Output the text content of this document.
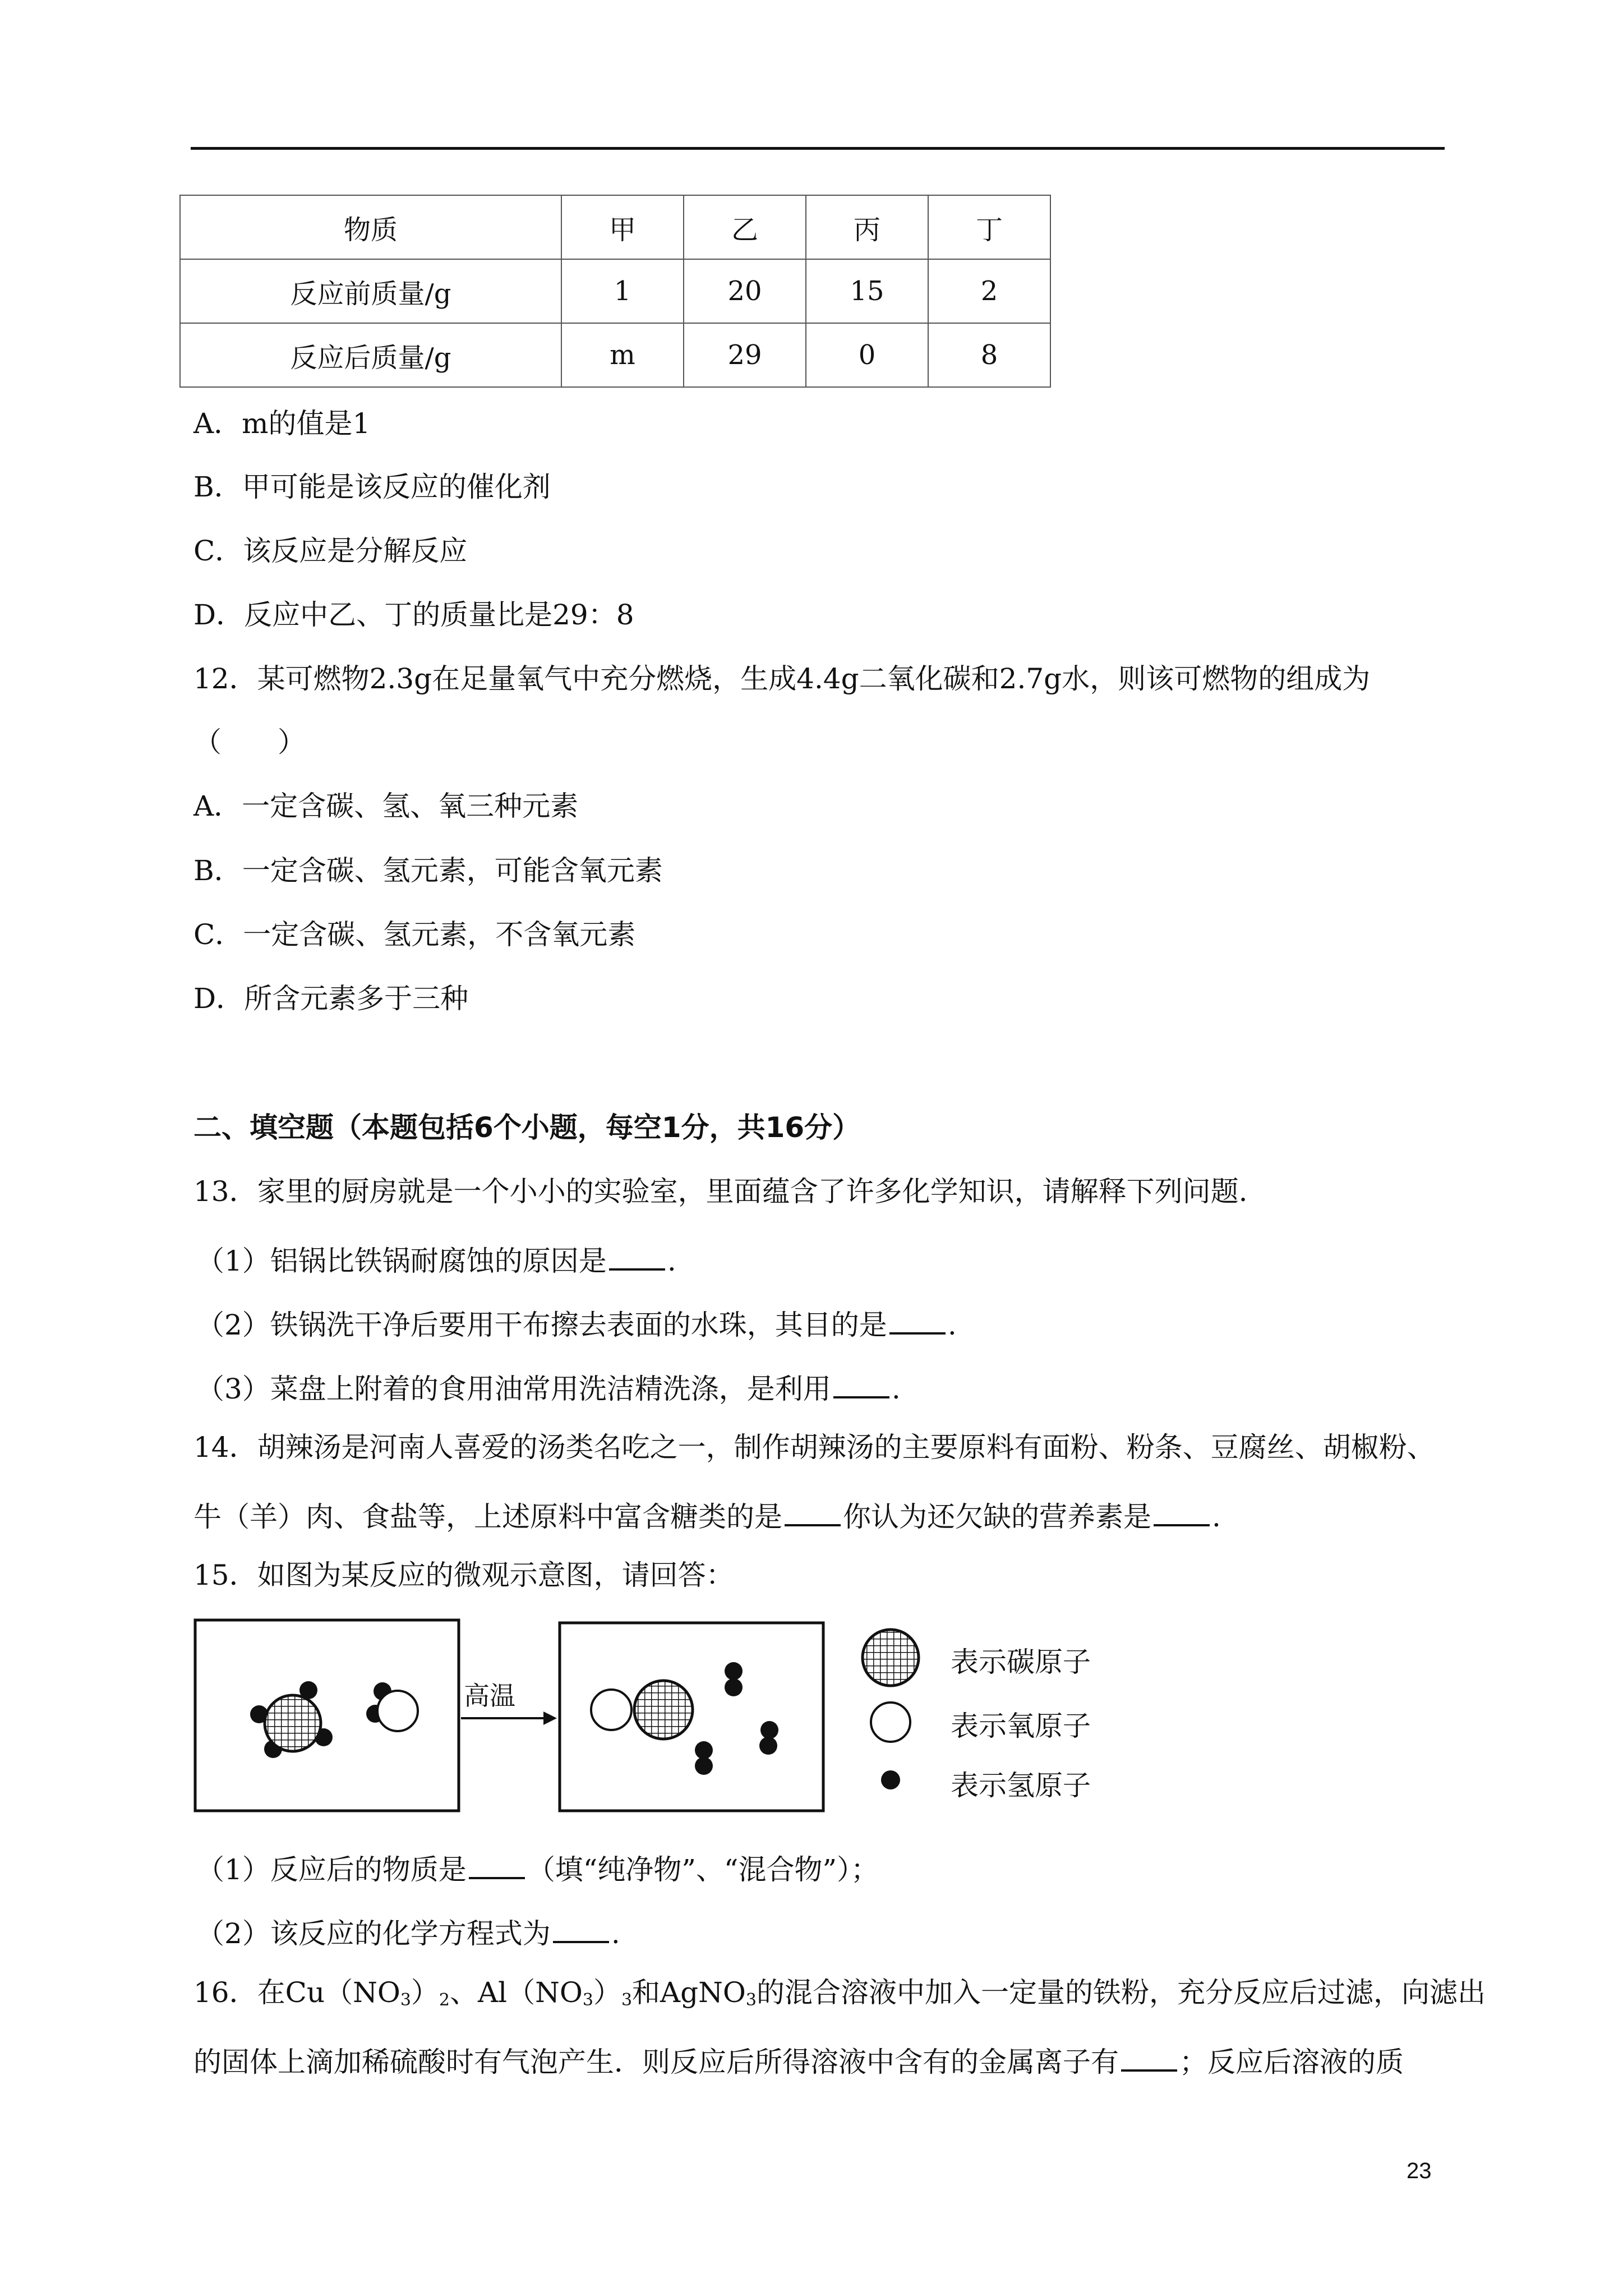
物质	甲	乙	丙	丁
反应前质量/g	1	20	15	2
反应后质量/g	m	29	0	8
A．m的值是1
B．甲可能是该反应的催化剂
C．该反应是分解反应
D．反应中乙、丁的质量比是29：8
12．某可燃物2.3g在足量氧气中充分燃烧，生成4.4g二氧化碳和2.7g水，则该可燃物的组成为
（　　）
A．一定含碳、氢、氧三种元素
B．一定含碳、氢元素，可能含氧元素
C．一定含碳、氢元素，不含氧元素
D．所含元素多于三种
二、填空题（本题包括6个小题，每空1分，共16分）
13．家里的厨房就是一个小小的实验室，里面蕴含了许多化学知识，请解释下列问题.
（1）铝锅比铁锅耐腐蚀的原因是 .
（2）铁锅洗干净后要用干布擦去表面的水珠，其目的是 .
（3）菜盘上附着的食用油常用洗洁精洗涤，是利用 .
14．胡辣汤是河南人喜爱的汤类名吃之一，制作胡辣汤的主要原料有面粉、粉条、豆腐丝、胡椒粉、
牛（羊）肉、食盐等，上述原料中富含糖类的是 你认为还欠缺的营养素是 .
15．如图为某反应的微观示意图，请回答：
高温
表示碳原子
表示氧原子
表示氢原子
（1）反应后的物质是 （填“纯净物”、“混合物”）；
（2）该反应的化学方程式为 .
16．在$Cu(NO_3)_2$、$Al(NO_3)_3$和AgNO$_3$的混合溶液中加入一定量的铁粉，充分反应后过滤，向滤出
的固体上滴加稀硫酸时有气泡产生．则反应后所得溶液中含有的金属离子有 ；反应后溶液的质
23
